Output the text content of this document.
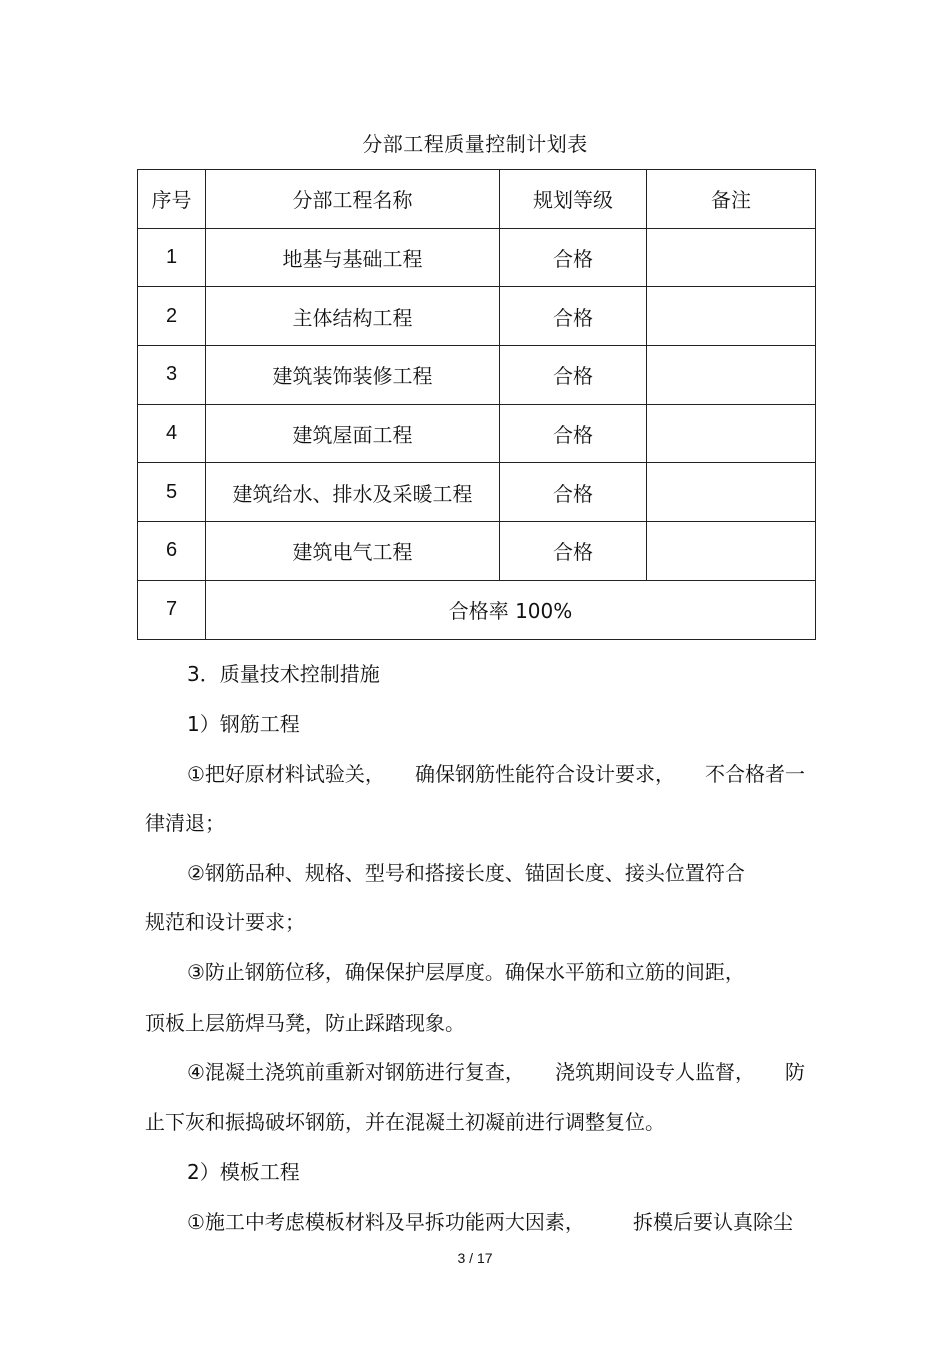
分部工程质量控制计划表
序号	分部工程名称	规划等级	备注
1	地基与基础工程	合格	
2	主体结构工程	合格	
3	建筑装饰装修工程	合格	
4	建筑屋面工程	合格	
5	建筑给水、排水及采暖工程	合格	
6	建筑电气工程	合格	
7	合格率 100%		
3．质量技术控制措施
1）钢筋工程
①把好原材料试验关， 确保钢筋性能符合设计要求， 不合格者一
律清退；
②钢筋品种、规格、型号和搭接长度、锚固长度、接头位置符合
规范和设计要求；
③防止钢筋位移，确保保护层厚度。确保水平筋和立筋的间距，
顶板上层筋焊马凳，防止踩踏现象。
④混凝土浇筑前重新对钢筋进行复查， 浇筑期间设专人监督， 防
止下灰和振捣破坏钢筋，并在混凝土初凝前进行调整复位。
2）模板工程
①施工中考虑模板材料及早拆功能两大因素， 拆模后要认真除尘
3 / 17
